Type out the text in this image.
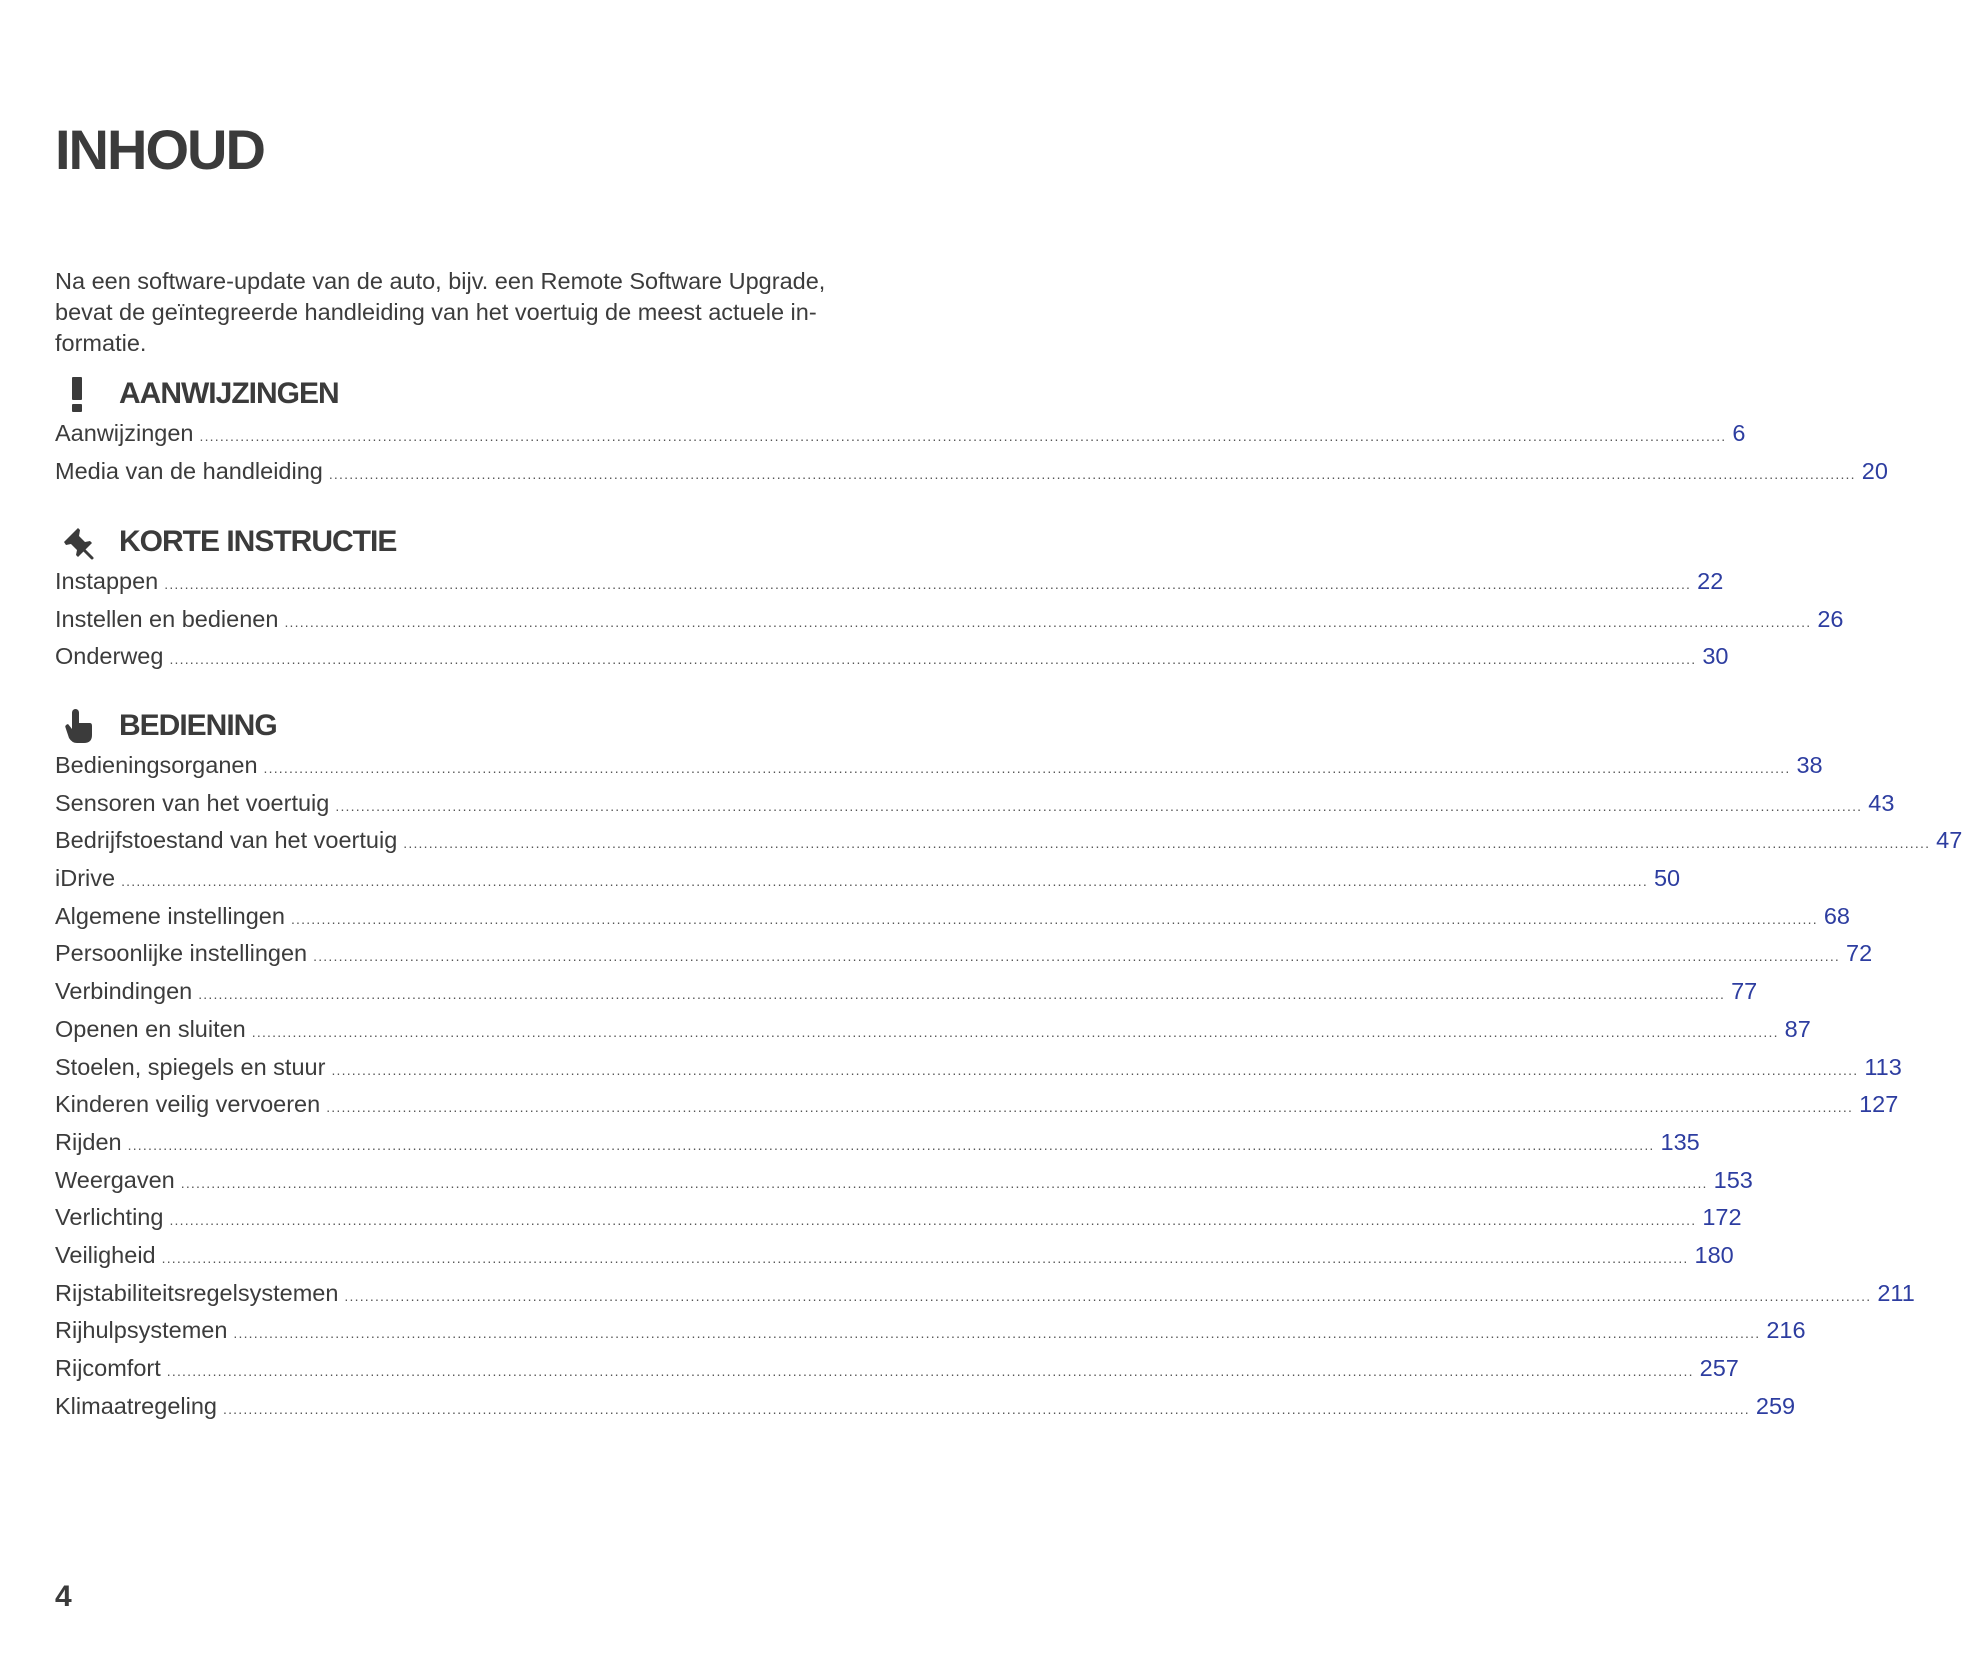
INHOUD

Na een software-update van de auto, bijv. een Remote Software Upgrade, bevat de geïntegreerde handleiding van het voertuig de meest actuele in-formatie.

AANWIJZINGEN
Aanwijzingen ............................................................................................................................................................................................................................................................................................................ 6
Media van de handleiding ............................................................................................................................................................................................................................................................................................................ 20
KORTE INSTRUCTIE
Instappen ............................................................................................................................................................................................................................................................................................................ 22
Instellen en bedienen ............................................................................................................................................................................................................................................................................................................ 26
Onderweg ............................................................................................................................................................................................................................................................................................................ 30
BEDIENING
Bedieningsorganen ............................................................................................................................................................................................................................................................................................................ 38
Sensoren van het voertuig ............................................................................................................................................................................................................................................................................................................ 43
Bedrijfstoestand van het voertuig ............................................................................................................................................................................................................................................................................................................ 47
iDrive ............................................................................................................................................................................................................................................................................................................ 50
Algemene instellingen ............................................................................................................................................................................................................................................................................................................ 68
Persoonlijke instellingen ............................................................................................................................................................................................................................................................................................................ 72
Verbindingen ............................................................................................................................................................................................................................................................................................................ 77
Openen en sluiten ............................................................................................................................................................................................................................................................................................................ 87
Stoelen, spiegels en stuur ............................................................................................................................................................................................................................................................................................................ 113
Kinderen veilig vervoeren ............................................................................................................................................................................................................................................................................................................ 127
Rijden ............................................................................................................................................................................................................................................................................................................ 135
Weergaven ............................................................................................................................................................................................................................................................................................................ 153
Verlichting ............................................................................................................................................................................................................................................................................................................ 172
Veiligheid ............................................................................................................................................................................................................................................................................................................ 180
Rijstabiliteitsregelsystemen ............................................................................................................................................................................................................................................................................................................ 211
Rijhulpsystemen ............................................................................................................................................................................................................................................................................................................ 216
Rijcomfort ............................................................................................................................................................................................................................................................................................................ 257
Klimaatregeling ............................................................................................................................................................................................................................................................................................................ 259
4
